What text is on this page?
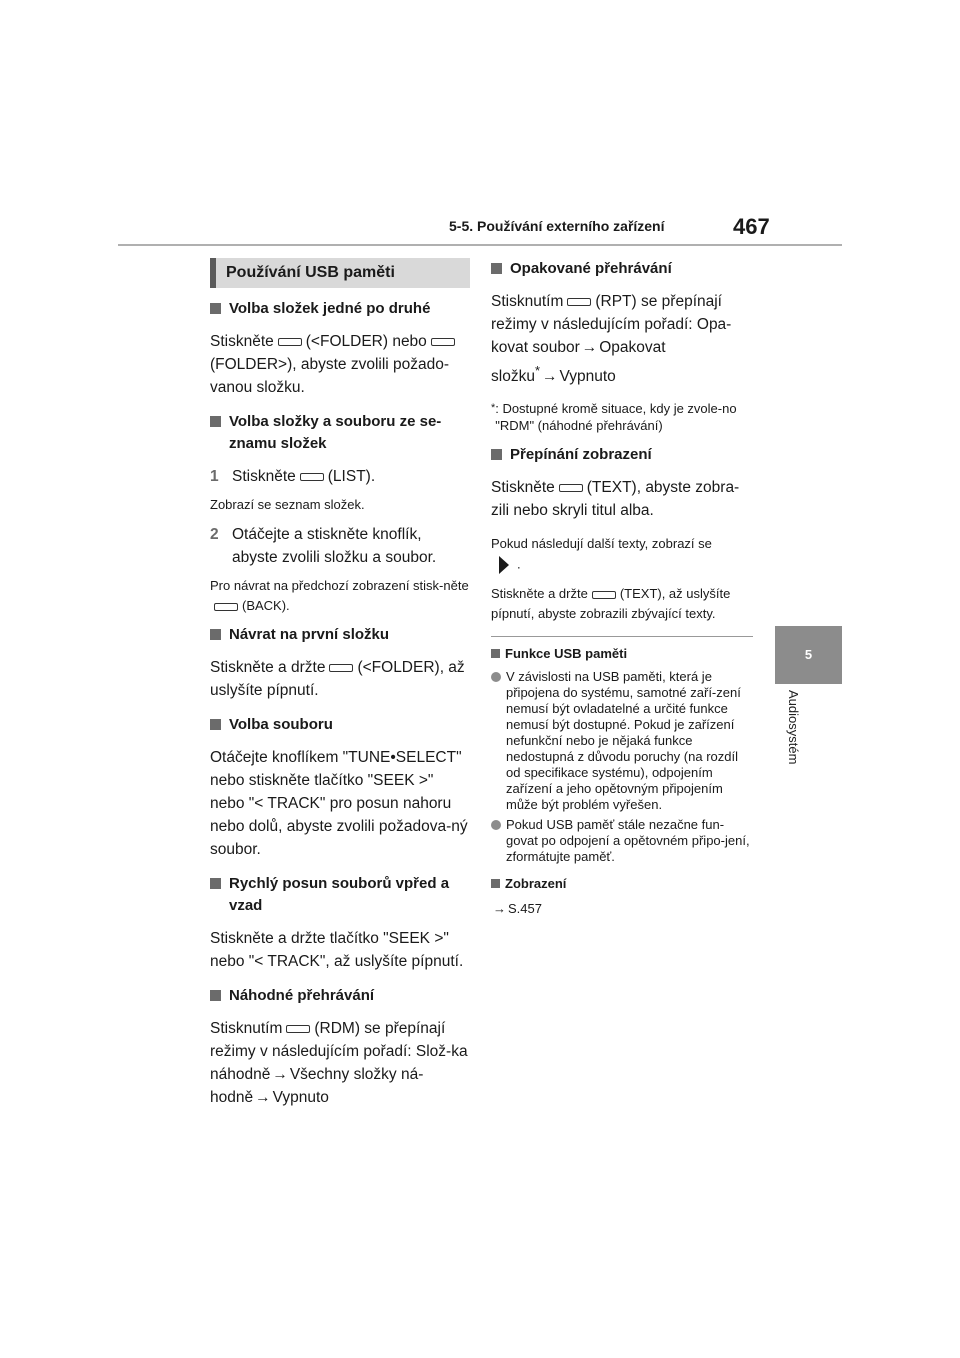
5-5. Používání externího zařízení	467
5
Audiosystém
Používání USB paměti
Volba složek jedné po druhé
Stiskněte (<FOLDER) nebo(FOLDER>), abyste zvolili požado-vanou složku.
Volba složky a souboru ze se-znamu složek
1 Stiskněte (LIST).
Zobrazí se seznam složek.
2 Otáčejte a stiskněte knoflík, abyste zvolili složku a soubor.
Pro návrat na předchozí zobrazení stisk-něte(BACK).
Návrat na první složku
Stiskněte a držte (<FOLDER), až uslyšíte pípnutí.
Volba souboru
Otáčejte knoflíkem "TUNE•SELECT" nebo stiskněte tlačítko "SEEK >" nebo "< TRACK" pro posun nahoru nebo dolů, abyste zvolili požadova-ný soubor.
Rychlý posun souborů vpřed a vzad
Stiskněte a držte tlačítko "SEEK >" nebo "< TRACK", až uslyšíte pípnutí.
Náhodné přehrávání
Stisknutím (RDM) se přepínají režimy v následujícím pořadí: Slož-ka náhodně → Všechny složky ná-hodně → Vypnuto
Opakované přehrávání
Stisknutím (RPT) se přepínají režimy v následujícím pořadí: Opa-kovat soubor → Opakovat složku* → Vypnuto
* : Dostupné kromě situace, kdy je zvole-no "RDM" (náhodné přehrávání)
Přepínání zobrazení
Stiskněte (TEXT), abyste zobra-zili nebo skryli titul alba.
Pokud následují další texty, zobrazí se
.
Stiskněte a držte (TEXT), až uslyšíte pípnutí, abyste zobrazili zbývající texty.
Funkce USB paměti
V závislosti na USB paměti, která je připojena do systému, samotné zaří-zení nemusí být ovladatelné a určité funkce nemusí být dostupné. Pokud je zařízení nefunkční nebo je nějaká funkce nedostupná z důvodu poruchy (na rozdíl od specifikace systému), odpojením zařízení a jeho opětovným připojením může být problém vyřešen.
Pokud USB paměť stále nezačne fun-govat po odpojení a opětovném připo-jení, zformátujte paměť.
Zobrazení
→ S.457
